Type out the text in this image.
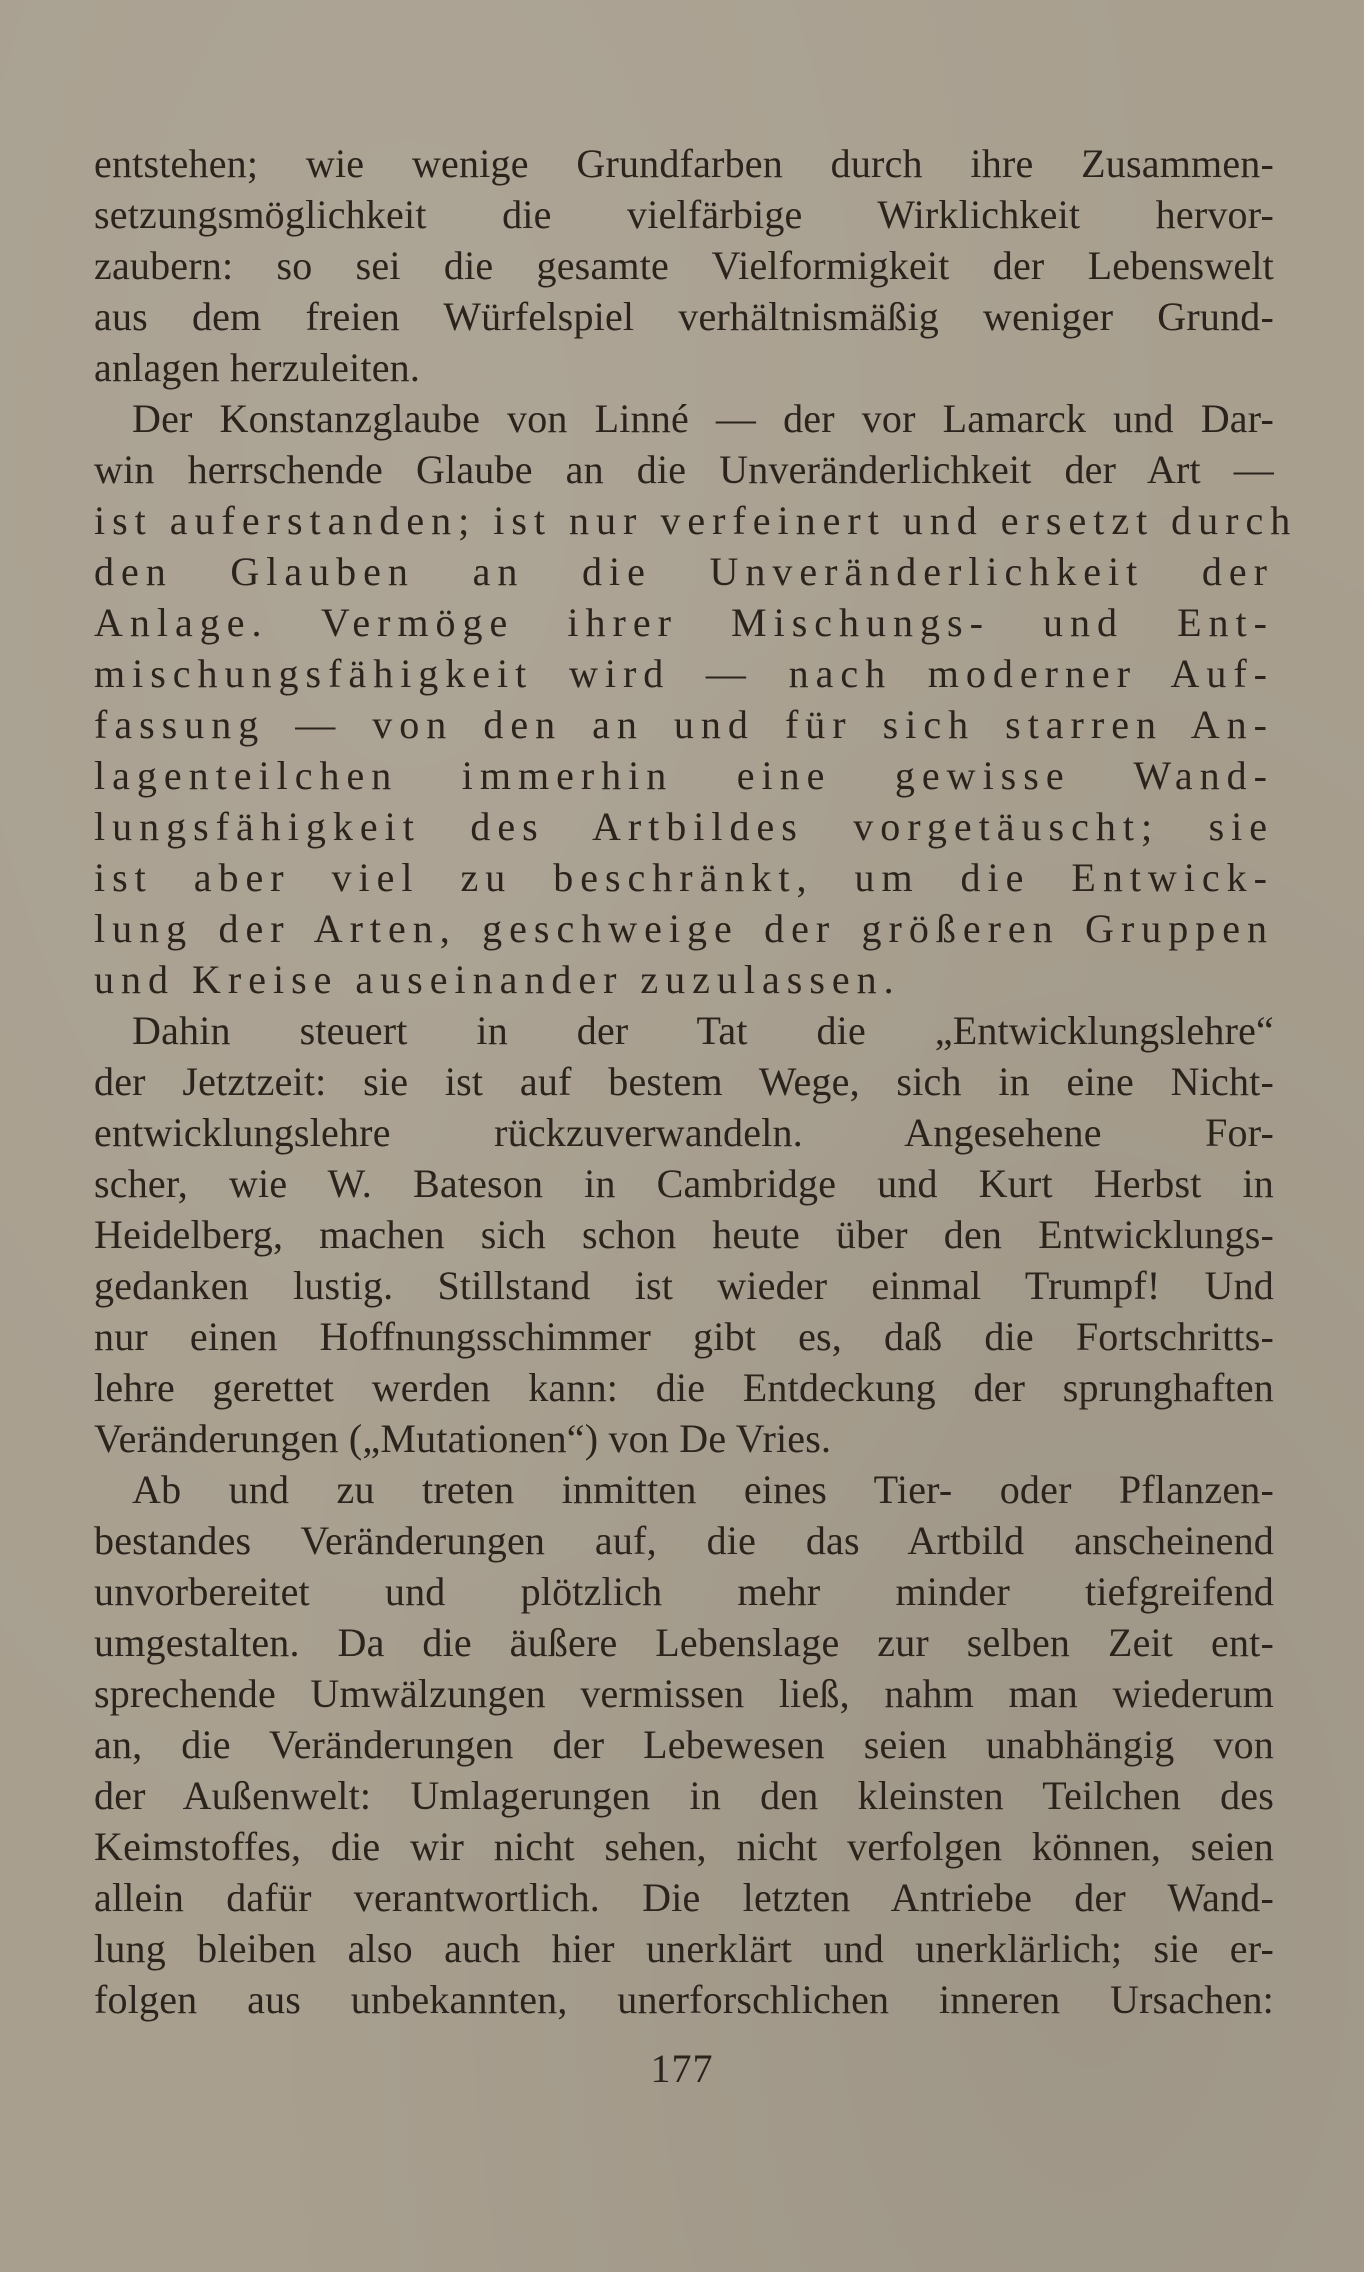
entstehen; wie wenige Grundfarben durch ihre Zusammen-
setzungsmöglichkeit die vielfärbige Wirklichkeit hervor-
zaubern: so sei die gesamte Vielformigkeit der Lebenswelt
aus dem freien Würfelspiel verhältnismäßig weniger Grund-
anlagen herzuleiten.
Der Konstanzglaube von Linné — der vor Lamarck und Dar-
win herrschende Glaube an die Unveränderlichkeit der Art —
ist auferstanden; ist nur verfeinert und ersetzt durch
den Glauben an die Unveränderlichkeit der
Anlage. Vermöge ihrer Mischungs- und Ent-
mischungsfähigkeit wird — nach moderner Auf-
fassung — von den an und für sich starren An-
lagenteilchen immerhin eine gewisse Wand-
lungsfähigkeit des Artbildes vorgetäuscht; sie
ist aber viel zu beschränkt, um die Entwick-
lung der Arten, geschweige der größeren Gruppen
und Kreise auseinander zuzulassen.
Dahin steuert in der Tat die „Entwicklungslehre“
der Jetztzeit: sie ist auf bestem Wege, sich in eine Nicht-
entwicklungslehre rückzuverwandeln. Angesehene For-
scher, wie W. Bateson in Cambridge und Kurt Herbst in
Heidelberg, machen sich schon heute über den Entwicklungs-
gedanken lustig. Stillstand ist wieder einmal Trumpf! Und
nur einen Hoffnungsschimmer gibt es, daß die Fortschritts-
lehre gerettet werden kann: die Entdeckung der sprunghaften
Veränderungen („Mutationen“) von De Vries.
Ab und zu treten inmitten eines Tier- oder Pflanzen-
bestandes Veränderungen auf, die das Artbild anscheinend
unvorbereitet und plötzlich mehr minder tiefgreifend
umgestalten. Da die äußere Lebenslage zur selben Zeit ent-
sprechende Umwälzungen vermissen ließ, nahm man wiederum
an, die Veränderungen der Lebewesen seien unabhängig von
der Außenwelt: Umlagerungen in den kleinsten Teilchen des
Keimstoffes, die wir nicht sehen, nicht verfolgen können, seien
allein dafür verantwortlich. Die letzten Antriebe der Wand-
lung bleiben also auch hier unerklärt und unerklärlich; sie er-
folgen aus unbekannten, unerforschlichen inneren Ursachen:
177
